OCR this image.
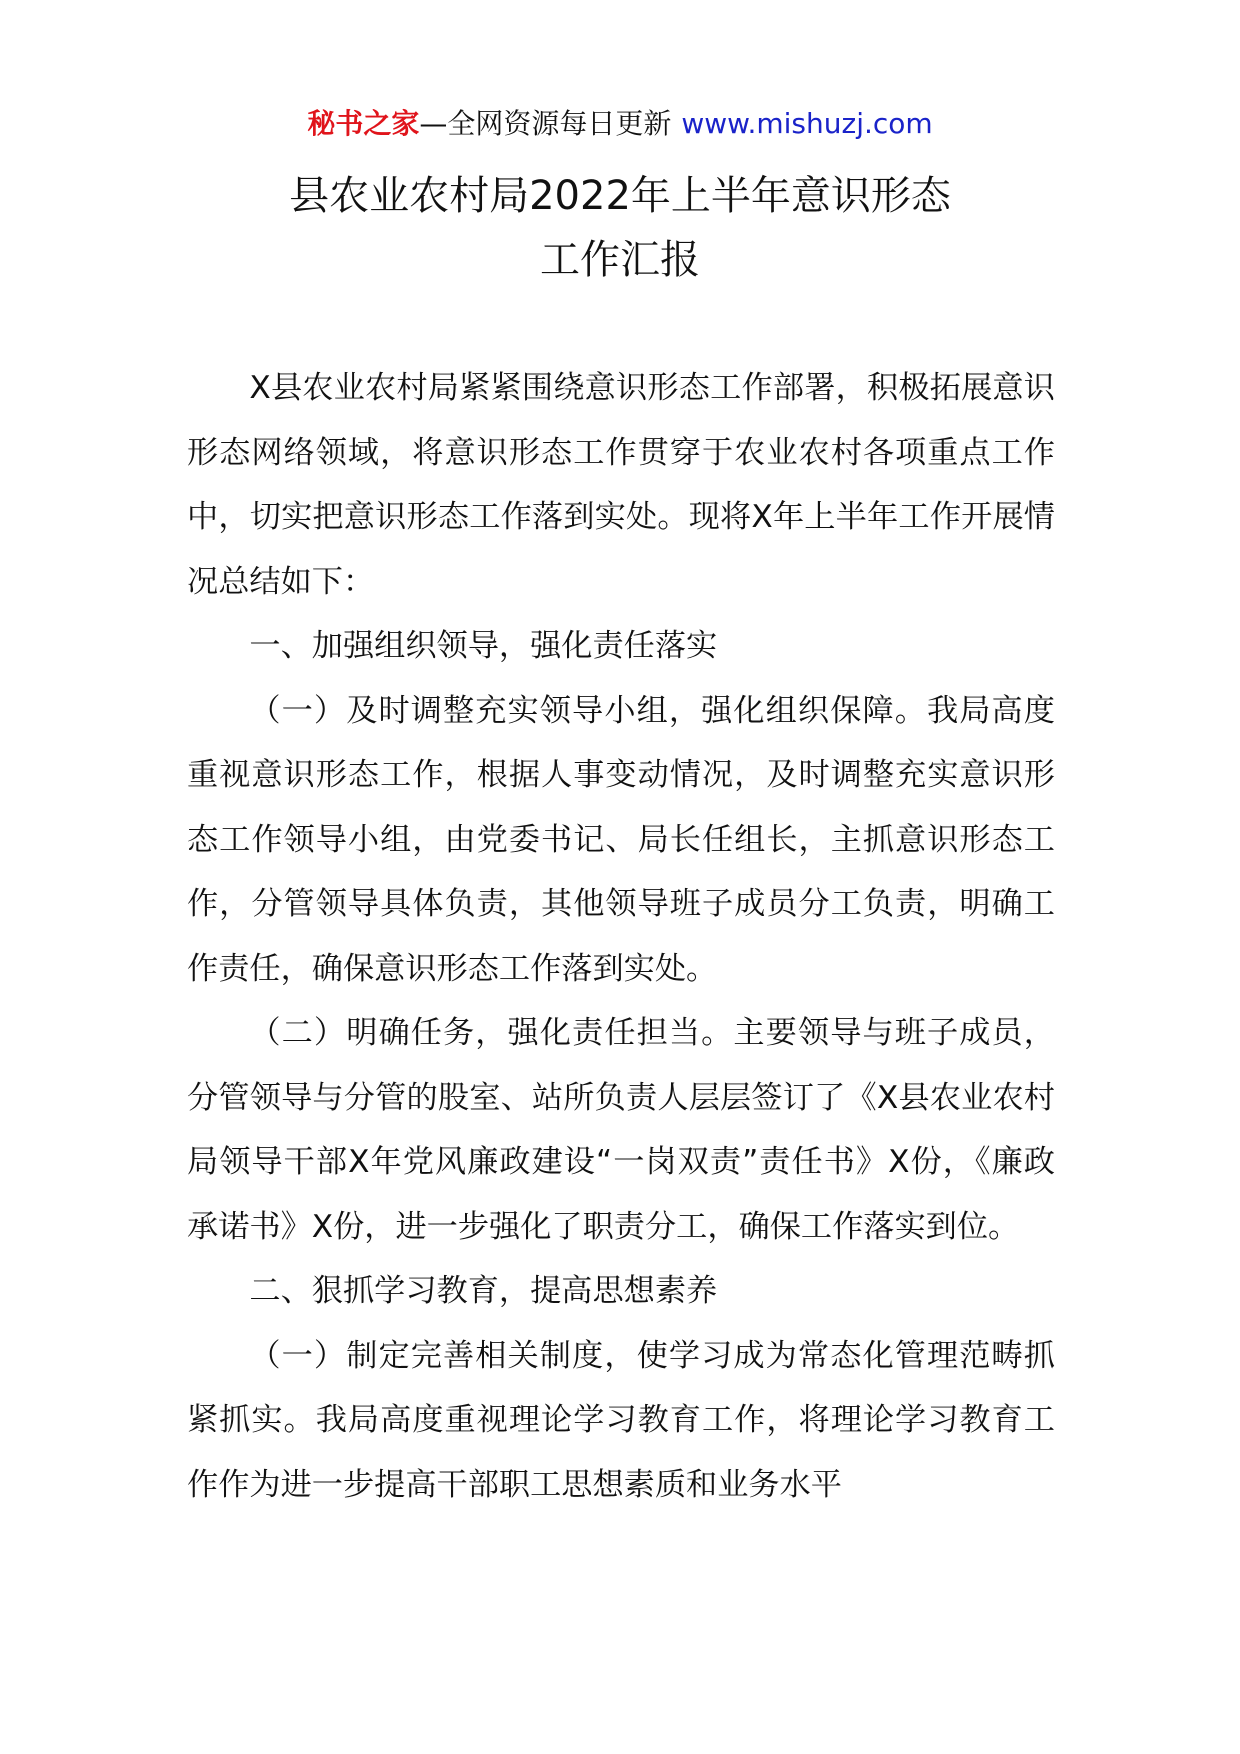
秘书之家—全网资源每日更新 www.mishuzj.com
县农业农村局2022年上半年意识形态
工作汇报

X县农业农村局紧紧围绕意识形态工作部署，积极拓展意识形态网络领域，将意识形态工作贯穿于农业农村各项重点工作中，切实把意识形态工作落到实处。现将X年上半年工作开展情况总结如下：

一、加强组织领导，强化责任落实

（一）及时调整充实领导小组，强化组织保障。我局高度重视意识形态工作，根据人事变动情况，及时调整充实意识形态工作领导小组，由党委书记、局长任组长，主抓意识形态工作，分管领导具体负责，其他领导班子成员分工负责，明确工作责任，确保意识形态工作落到实处。

（二）明确任务，强化责任担当。主要领导与班子成员，分管领导与分管的股室、站所负责人层层签订了《X县农业农村局领导干部X年党风廉政建设“一岗双责”责任书》X份，《廉政承诺书》X份，进一步强化了职责分工，确保工作落实到位。

二、狠抓学习教育，提高思想素养

（一）制定完善相关制度，使学习成为常态化管理范畴抓紧抓实。我局高度重视理论学习教育工作，将理论学习教育工作作为进一步提高干部职工思想素质和业务水平
